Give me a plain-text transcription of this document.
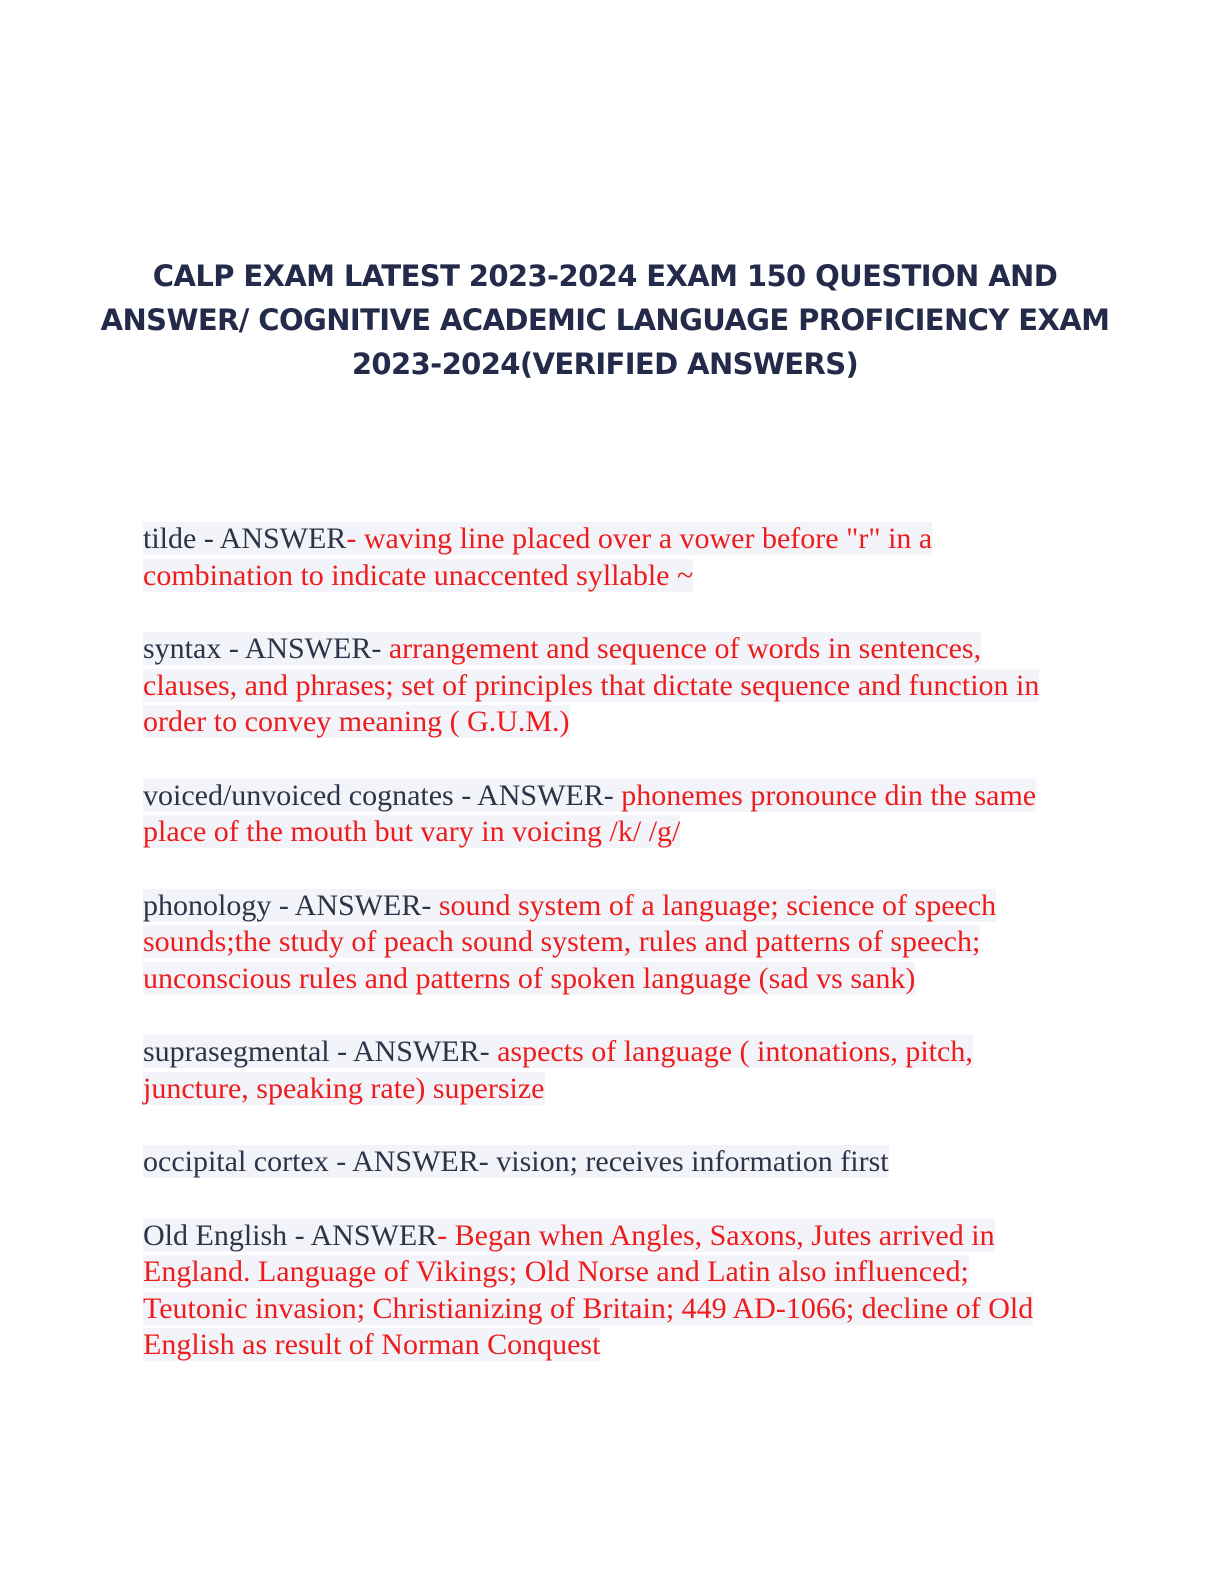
CALP EXAM LATEST 2023-2024 EXAM 150 QUESTION AND ANSWER/ COGNITIVE ACADEMIC LANGUAGE PROFICIENCY EXAM 2023-2024(VERIFIED ANSWERS)

tilde - ANSWER- waving line placed over a vower before "r" in a combination to indicate unaccented syllable ~

syntax - ANSWER- arrangement and sequence of words in sentences, clauses, and phrases; set of principles that dictate sequence and function in order to convey meaning ( G.U.M.)

voiced/unvoiced cognates - ANSWER- phonemes pronounce din the same place of the mouth but vary in voicing /k/ /g/

phonology - ANSWER- sound system of a language; science of speech sounds;the study of peach sound system, rules and patterns of speech; unconscious rules and patterns of spoken language (sad vs sank)

suprasegmental - ANSWER- aspects of language ( intonations, pitch, juncture, speaking rate) supersize

occipital cortex - ANSWER- vision; receives information first

Old English - ANSWER- Began when Angles, Saxons, Jutes arrived in England. Language of Vikings; Old Norse and Latin also influenced; Teutonic invasion; Christianizing of Britain; 449 AD-1066; decline of Old English as result of Norman Conquest
